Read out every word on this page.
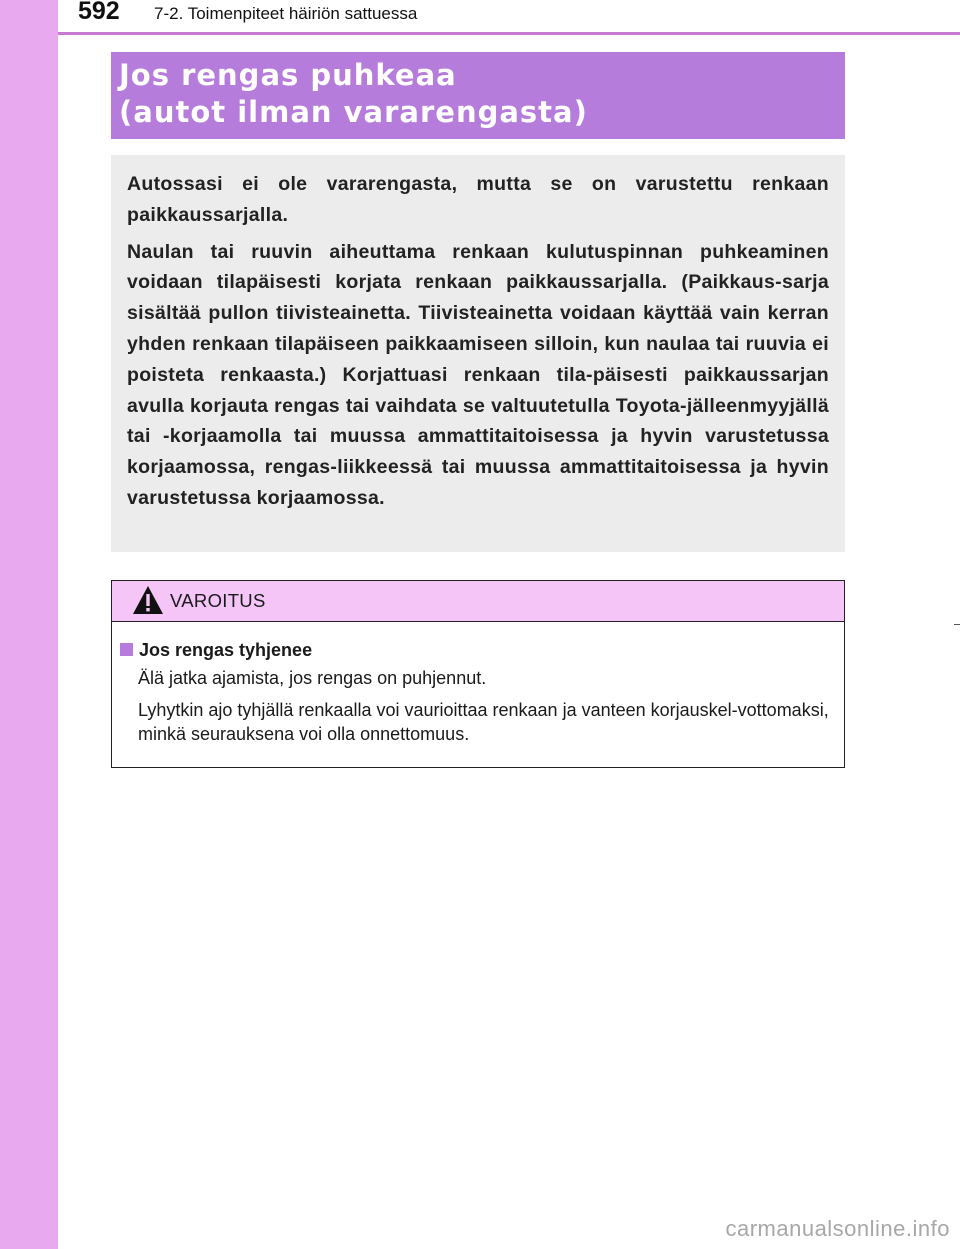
592 7-2. Toimenpiteet häiriön sattuessa
Jos rengas puhkeaa
(autot ilman vararengasta)

Autossasi ei ole vararengasta, mutta se on varustettu renkaan paikkaussarjalla.

Naulan tai ruuvin aiheuttama renkaan kulutuspinnan puhkeaminen voidaan tilapäisesti korjata renkaan paikkaussarjalla. (Paikkaus-sarja sisältää pullon tiivisteainetta. Tiivisteainetta voidaan käyttää vain kerran yhden renkaan tilapäiseen paikkaamiseen silloin, kun naulaa tai ruuvia ei poisteta renkaasta.) Korjattuasi renkaan tila-päisesti paikkaussarjan avulla korjauta rengas tai vaihdata se valtuutetulla Toyota-jälleenmyyjällä tai -korjaamolla tai muussa ammattitaitoisessa ja hyvin varustetussa korjaamossa, rengas-liikkeessä tai muussa ammattitaitoisessa ja hyvin varustetussa korjaamossa.

VAROITUS
Jos rengas tyhjenee
Älä jatka ajamista, jos rengas on puhjennut.
Lyhytkin ajo tyhjällä renkaalla voi vaurioittaa renkaan ja vanteen korjauskel-vottomaksi, minkä seurauksena voi olla onnettomuus.
carmanualsonline.info
